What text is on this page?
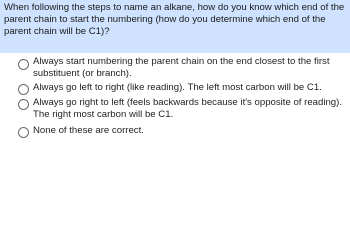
When following the steps to name an alkane, how do you know which end of the parent chain to start the numbering (how do you determine which end of the parent chain will be C1)?

Always start numbering the parent chain on the end closest to the first substituent (or branch).

Always go left to right (like reading). The left most carbon will be C1.

Always go right to left (feels backwards because it's opposite of reading). The right most carbon will be C1.

None of these are correct.
